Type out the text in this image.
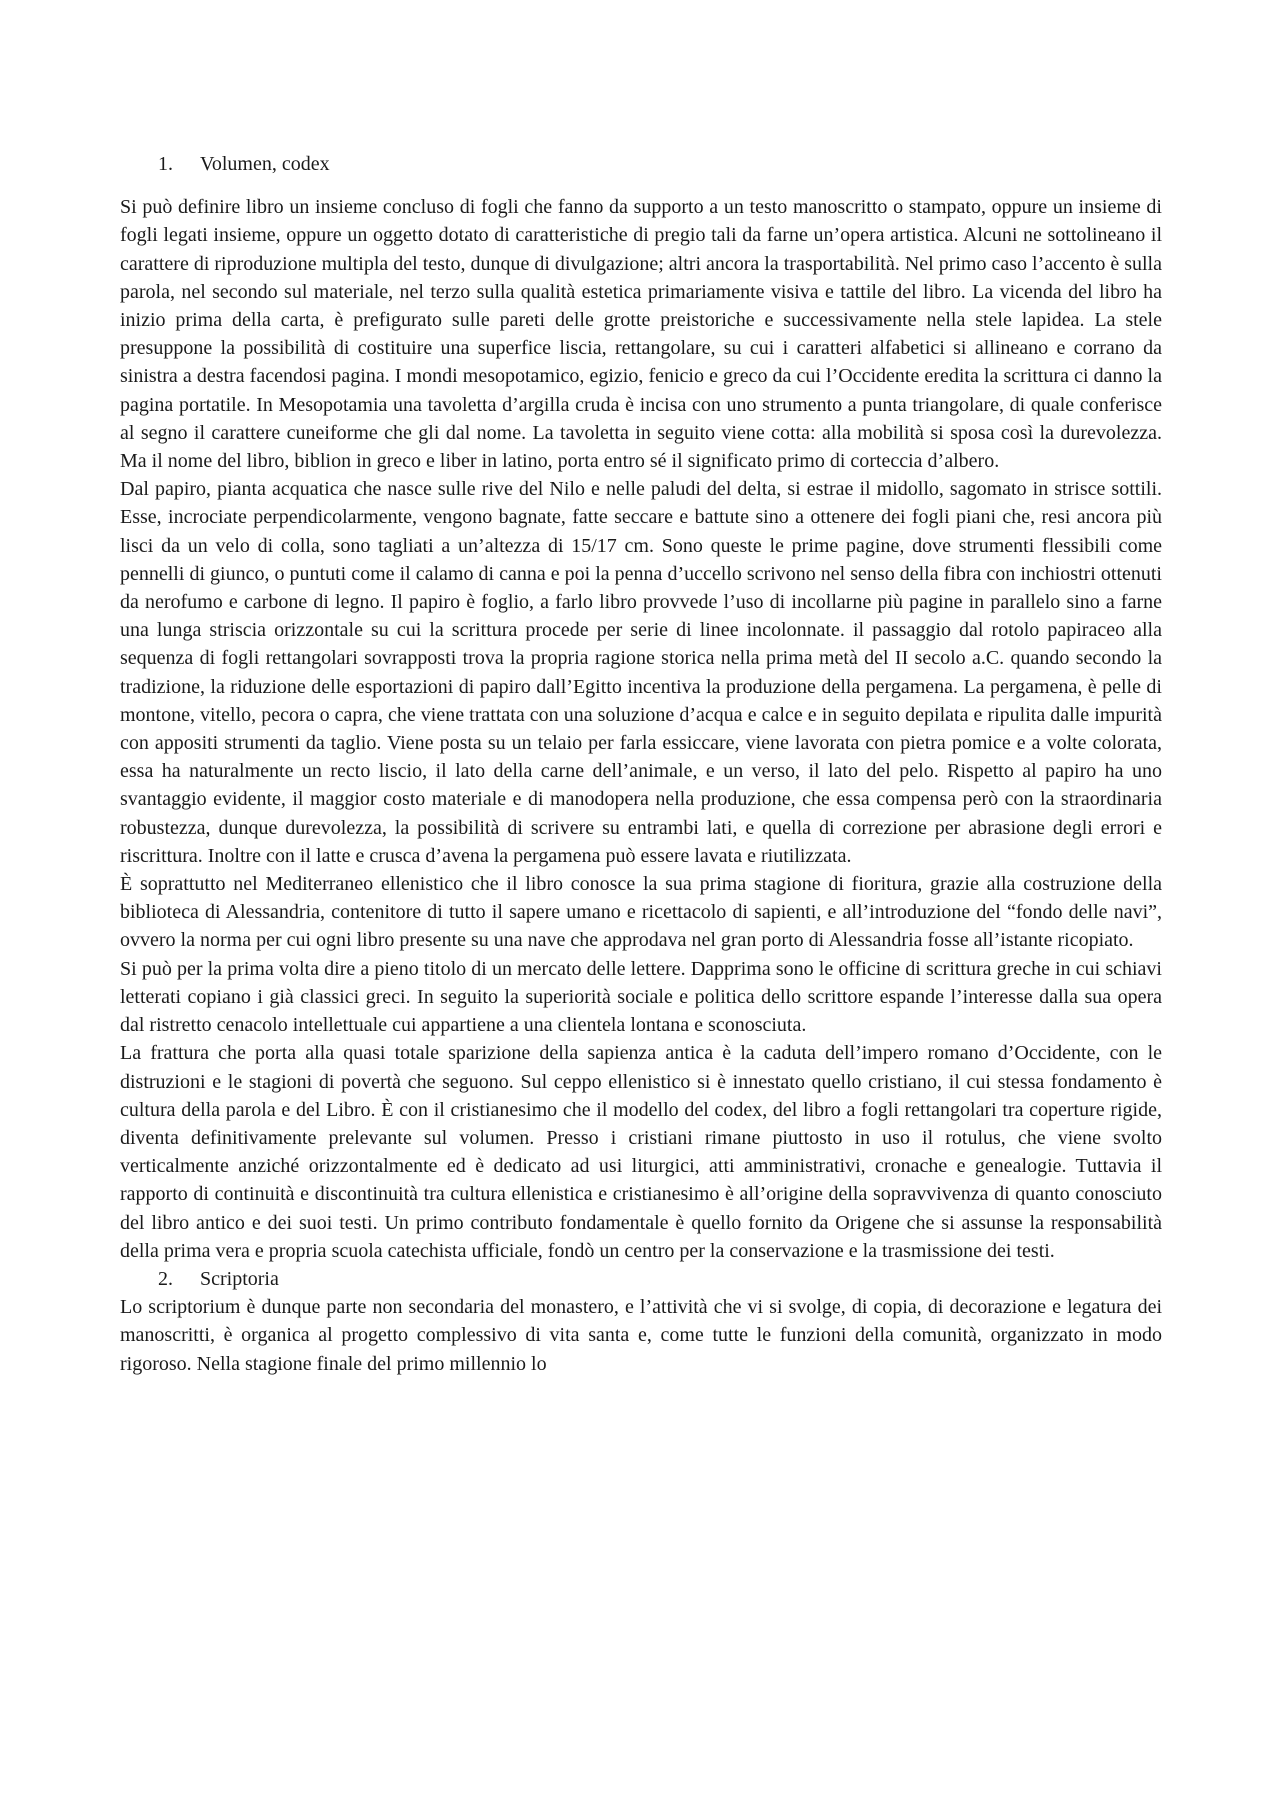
1.	Volumen, codex

Si può definire libro un insieme concluso di fogli che fanno da supporto a un testo manoscritto o stampato, oppure un insieme di fogli legati insieme, oppure un oggetto dotato di caratteristiche di pregio tali da farne un’opera artistica. Alcuni ne sottolineano il carattere di riproduzione multipla del testo, dunque di divulgazione; altri ancora la trasportabilità. Nel primo caso l’accento è sulla parola, nel secondo sul materiale, nel terzo sulla qualità estetica primariamente visiva e tattile del libro. La vicenda del libro ha inizio prima della carta, è prefigurato sulle pareti delle grotte preistoriche e successivamente nella stele lapidea. La stele presuppone la possibilità di costituire una superfice liscia, rettangolare, su cui i caratteri alfabetici si allineano e corrano da sinistra a destra facendosi pagina. I mondi mesopotamico, egizio, fenicio e greco da cui l’Occidente eredita la scrittura ci danno la pagina portatile. In Mesopotamia una tavoletta d’argilla cruda è incisa con uno strumento a punta triangolare, di quale conferisce al segno il carattere cuneiforme che gli dal nome. La tavoletta in seguito viene cotta: alla mobilità si sposa così la durevolezza. Ma il nome del libro, biblion in greco e liber in latino, porta entro sé il significato primo di corteccia d’albero.

Dal papiro, pianta acquatica che nasce sulle rive del Nilo e nelle paludi del delta, si estrae il midollo, sagomato in strisce sottili. Esse, incrociate perpendicolarmente, vengono bagnate, fatte seccare e battute sino a ottenere dei fogli piani che, resi ancora più lisci da un velo di colla, sono tagliati a un’altezza di 15/17 cm. Sono queste le prime pagine, dove strumenti flessibili come pennelli di giunco, o puntuti come il calamo di canna e poi la penna d’uccello scrivono nel senso della fibra con inchiostri ottenuti da nerofumo e carbone di legno. Il papiro è foglio, a farlo libro provvede l’uso di incollarne più pagine in parallelo sino a farne una lunga striscia orizzontale su cui la scrittura procede per serie di linee incolonnate. il passaggio dal rotolo papiraceo alla sequenza di fogli rettangolari sovrapposti trova la propria ragione storica nella prima metà del II secolo a.C. quando secondo la tradizione, la riduzione delle esportazioni di papiro dall’Egitto incentiva la produzione della pergamena. La pergamena, è pelle di montone, vitello, pecora o capra, che viene trattata con una soluzione d’acqua e calce e in seguito depilata e ripulita dalle impurità con appositi strumenti da taglio. Viene posta su un telaio per farla essiccare, viene lavorata con pietra pomice e a volte colorata, essa ha naturalmente un recto liscio, il lato della carne dell’animale, e un verso, il lato del pelo. Rispetto al papiro ha uno svantaggio evidente, il maggior costo materiale e di manodopera nella produzione, che essa compensa però con la straordinaria robustezza, dunque durevolezza, la possibilità di scrivere su entrambi lati, e quella di correzione per abrasione degli errori e riscrittura. Inoltre con il latte e crusca d’avena la pergamena può essere lavata e riutilizzata.

È soprattutto nel Mediterraneo ellenistico che il libro conosce la sua prima stagione di fioritura, grazie alla costruzione della biblioteca di Alessandria, contenitore di tutto il sapere umano e ricettacolo di sapienti, e all’introduzione del “fondo delle navi”, ovvero la norma per cui ogni libro presente su una nave che approdava nel gran porto di Alessandria fosse all’istante ricopiato.

Si può per la prima volta dire a pieno titolo di un mercato delle lettere. Dapprima sono le officine di scrittura greche in cui schiavi letterati copiano i già classici greci. In seguito la superiorità sociale e politica dello scrittore espande l’interesse dalla sua opera dal ristretto cenacolo intellettuale cui appartiene a una clientela lontana e sconosciuta.

La frattura che porta alla quasi totale sparizione della sapienza antica è la caduta dell’impero romano d’Occidente, con le distruzioni e le stagioni di povertà che seguono. Sul ceppo ellenistico si è innestato quello cristiano, il cui stessa fondamento è cultura della parola e del Libro. È con il cristianesimo che il modello del codex, del libro a fogli rettangolari tra coperture rigide, diventa definitivamente prelevante sul volumen. Presso i cristiani rimane piuttosto in uso il rotulus, che viene svolto verticalmente anziché orizzontalmente ed è dedicato ad usi liturgici, atti amministrativi, cronache e genealogie. Tuttavia il rapporto di continuità e discontinuità tra cultura ellenistica e cristianesimo è all’origine della sopravvivenza di quanto conosciuto del libro antico e dei suoi testi. Un primo contributo fondamentale è quello fornito da Origene che si assunse la responsabilità della prima vera e propria scuola catechista ufficiale, fondò un centro per la conservazione e la trasmissione dei testi.

2.	Scriptoria

Lo scriptorium è dunque parte non secondaria del monastero, e l’attività che vi si svolge, di copia, di decorazione e legatura dei manoscritti, è organica al progetto complessivo di vita santa e, come tutte le funzioni della comunità, organizzato in modo rigoroso. Nella stagione finale del primo millennio lo
